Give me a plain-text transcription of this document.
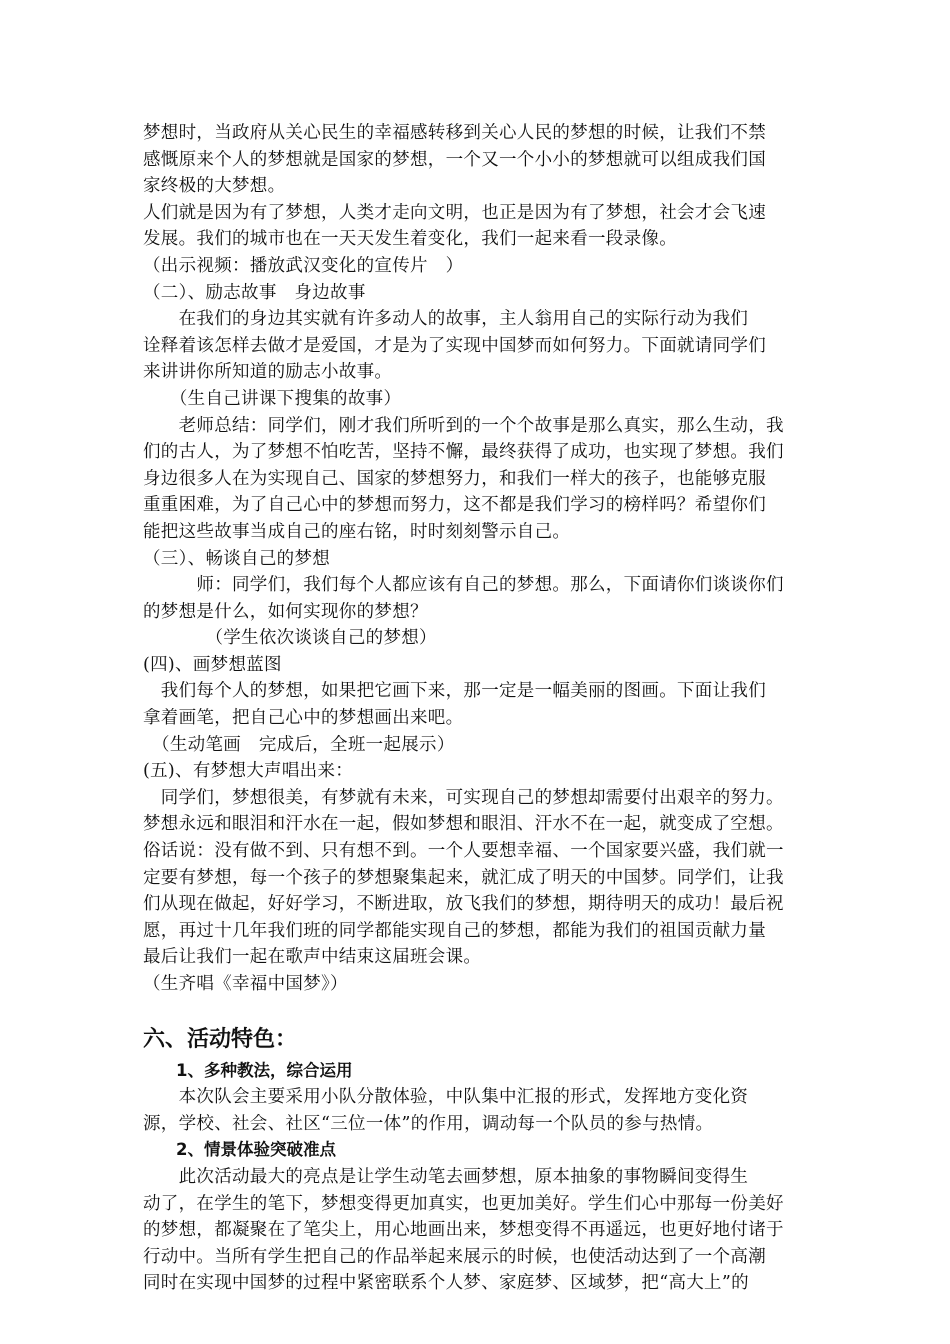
梦想时，当政府从关心民生的幸福感转移到关心人民的梦想的时候，让我们不禁
感慨原来个人的梦想就是国家的梦想，一个又一个小小的梦想就可以组成我们国
家终极的大梦想。
人们就是因为有了梦想，人类才走向文明，也正是因为有了梦想，社会才会飞速
发展。我们的城市也在一天天发生着变化，我们一起来看一段录像。
（出示视频：播放武汉变化的宣传片　）
（二）、励志故事　身边故事
　　在我们的身边其实就有许多动人的故事，主人翁用自己的实际行动为我们
诠释着该怎样去做才是爱国，才是为了实现中国梦而如何努力。下面就请同学们
来讲讲你所知道的励志小故事。
　　（生自己讲课下搜集的故事）
　　老师总结：同学们，刚才我们所听到的一个个故事是那么真实，那么生动，我
们的古人，为了梦想不怕吃苦，坚持不懈，最终获得了成功，也实现了梦想。我们
身边很多人在为实现自己、国家的梦想努力，和我们一样大的孩子，也能够克服
重重困难，为了自己心中的梦想而努力，这不都是我们学习的榜样吗？希望你们
能把这些故事当成自己的座右铭，时时刻刻警示自己。
（三）、畅谈自己的梦想
　　　师：同学们，我们每个人都应该有自己的梦想。那么，下面请你们谈谈你们
的梦想是什么，如何实现你的梦想？
　　　　（学生依次谈谈自己的梦想）
(四)、画梦想蓝图
　我们每个人的梦想，如果把它画下来，那一定是一幅美丽的图画。下面让我们
拿着画笔，把自己心中的梦想画出来吧。
　（生动笔画　完成后，全班一起展示）
(五)、有梦想大声唱出来：
　同学们，梦想很美，有梦就有未来，可实现自己的梦想却需要付出艰辛的努力。
梦想永远和眼泪和汗水在一起，假如梦想和眼泪、汗水不在一起，就变成了空想。
俗话说：没有做不到、只有想不到。一个人要想幸福、一个国家要兴盛，我们就一
定要有梦想，每一个孩子的梦想聚集起来，就汇成了明天的中国梦。同学们，让我
们从现在做起，好好学习，不断进取，放飞我们的梦想，期待明天的成功！最后祝
愿，再过十几年我们班的同学都能实现自己的梦想，都能为我们的祖国贡献力量
最后让我们一起在歌声中结束这届班会课。
（生齐唱《幸福中国梦》）
六、活动特色：
　　1、多种教法，综合运用
　　本次队会主要采用小队分散体验，中队集中汇报的形式，发挥地方变化资
源，学校、社会、社区“三位一体”的作用，调动每一个队员的参与热情。
　　2、情景体验突破准点
　　此次活动最大的亮点是让学生动笔去画梦想，原本抽象的事物瞬间变得生
动了，在学生的笔下，梦想变得更加真实，也更加美好。学生们心中那每一份美好
的梦想，都凝聚在了笔尖上，用心地画出来，梦想变得不再遥远，也更好地付诸于
行动中。当所有学生把自己的作品举起来展示的时候，也使活动达到了一个高潮
同时在实现中国梦的过程中紧密联系个人梦、家庭梦、区域梦，把“高大上”的
